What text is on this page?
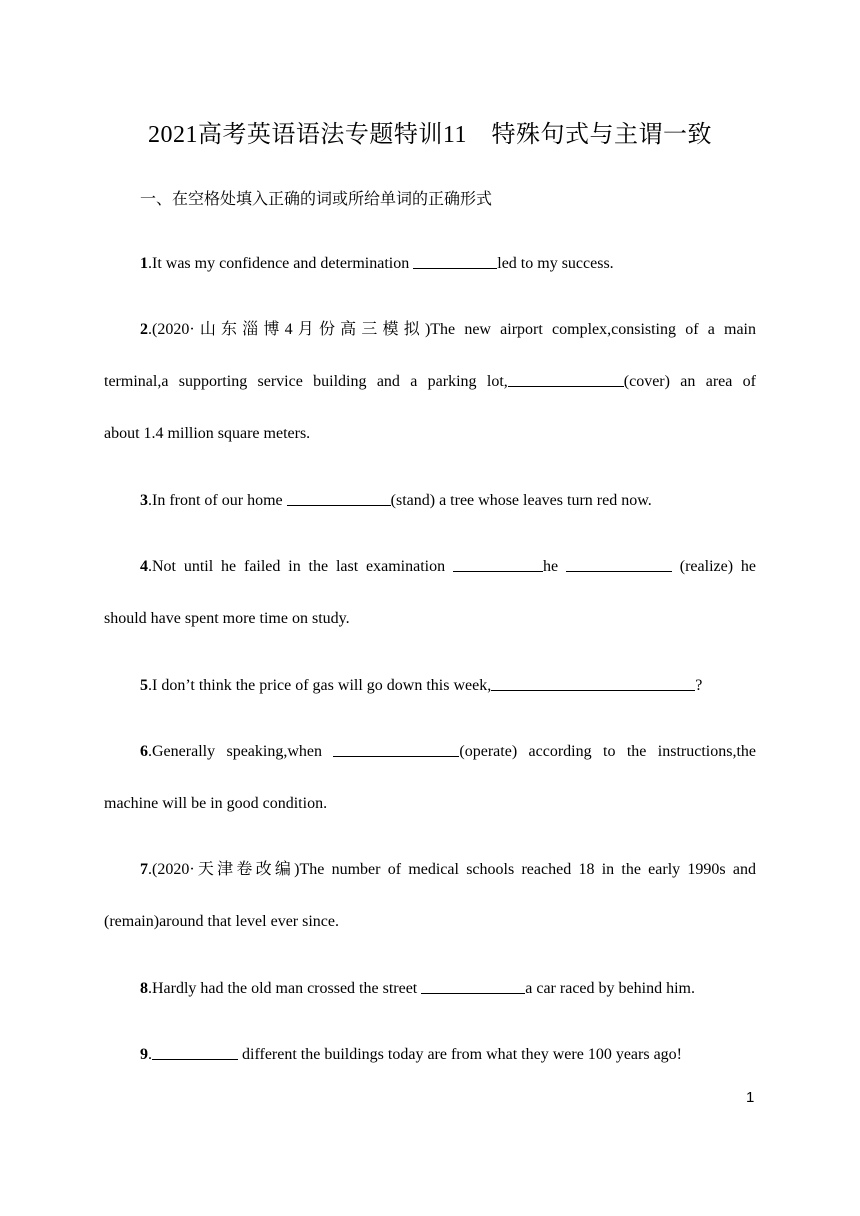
2021高考英语语法专题特训11　特殊句式与主谓一致
一、在空格处填入正确的词或所给单词的正确形式
1.It was my confidence and determination	led to my success.
2.(2020·山东淄博4月份高三模拟)The new airport complex,consisting of a main
terminal,a supporting service building and a parking lot,	(cover) an area of
about 1.4 million square meters.
3.In front of our home	(stand) a tree whose leaves turn red now.
4.Not until he failed in the last examination	he	(realize) he
should have spent more time on study.
5.I don’t think the price of gas will go down this week,	?
6.Generally speaking,when	(operate) according to the instructions,the
machine will be in good condition.
7.(2020·天津卷改编)The number of medical schools reached 18 in the early 1990s and
(remain)around that level ever since.
8.Hardly had the old man crossed the street	a car raced by behind him.
9.	different the buildings today are from what they were 100 years ago!
1
